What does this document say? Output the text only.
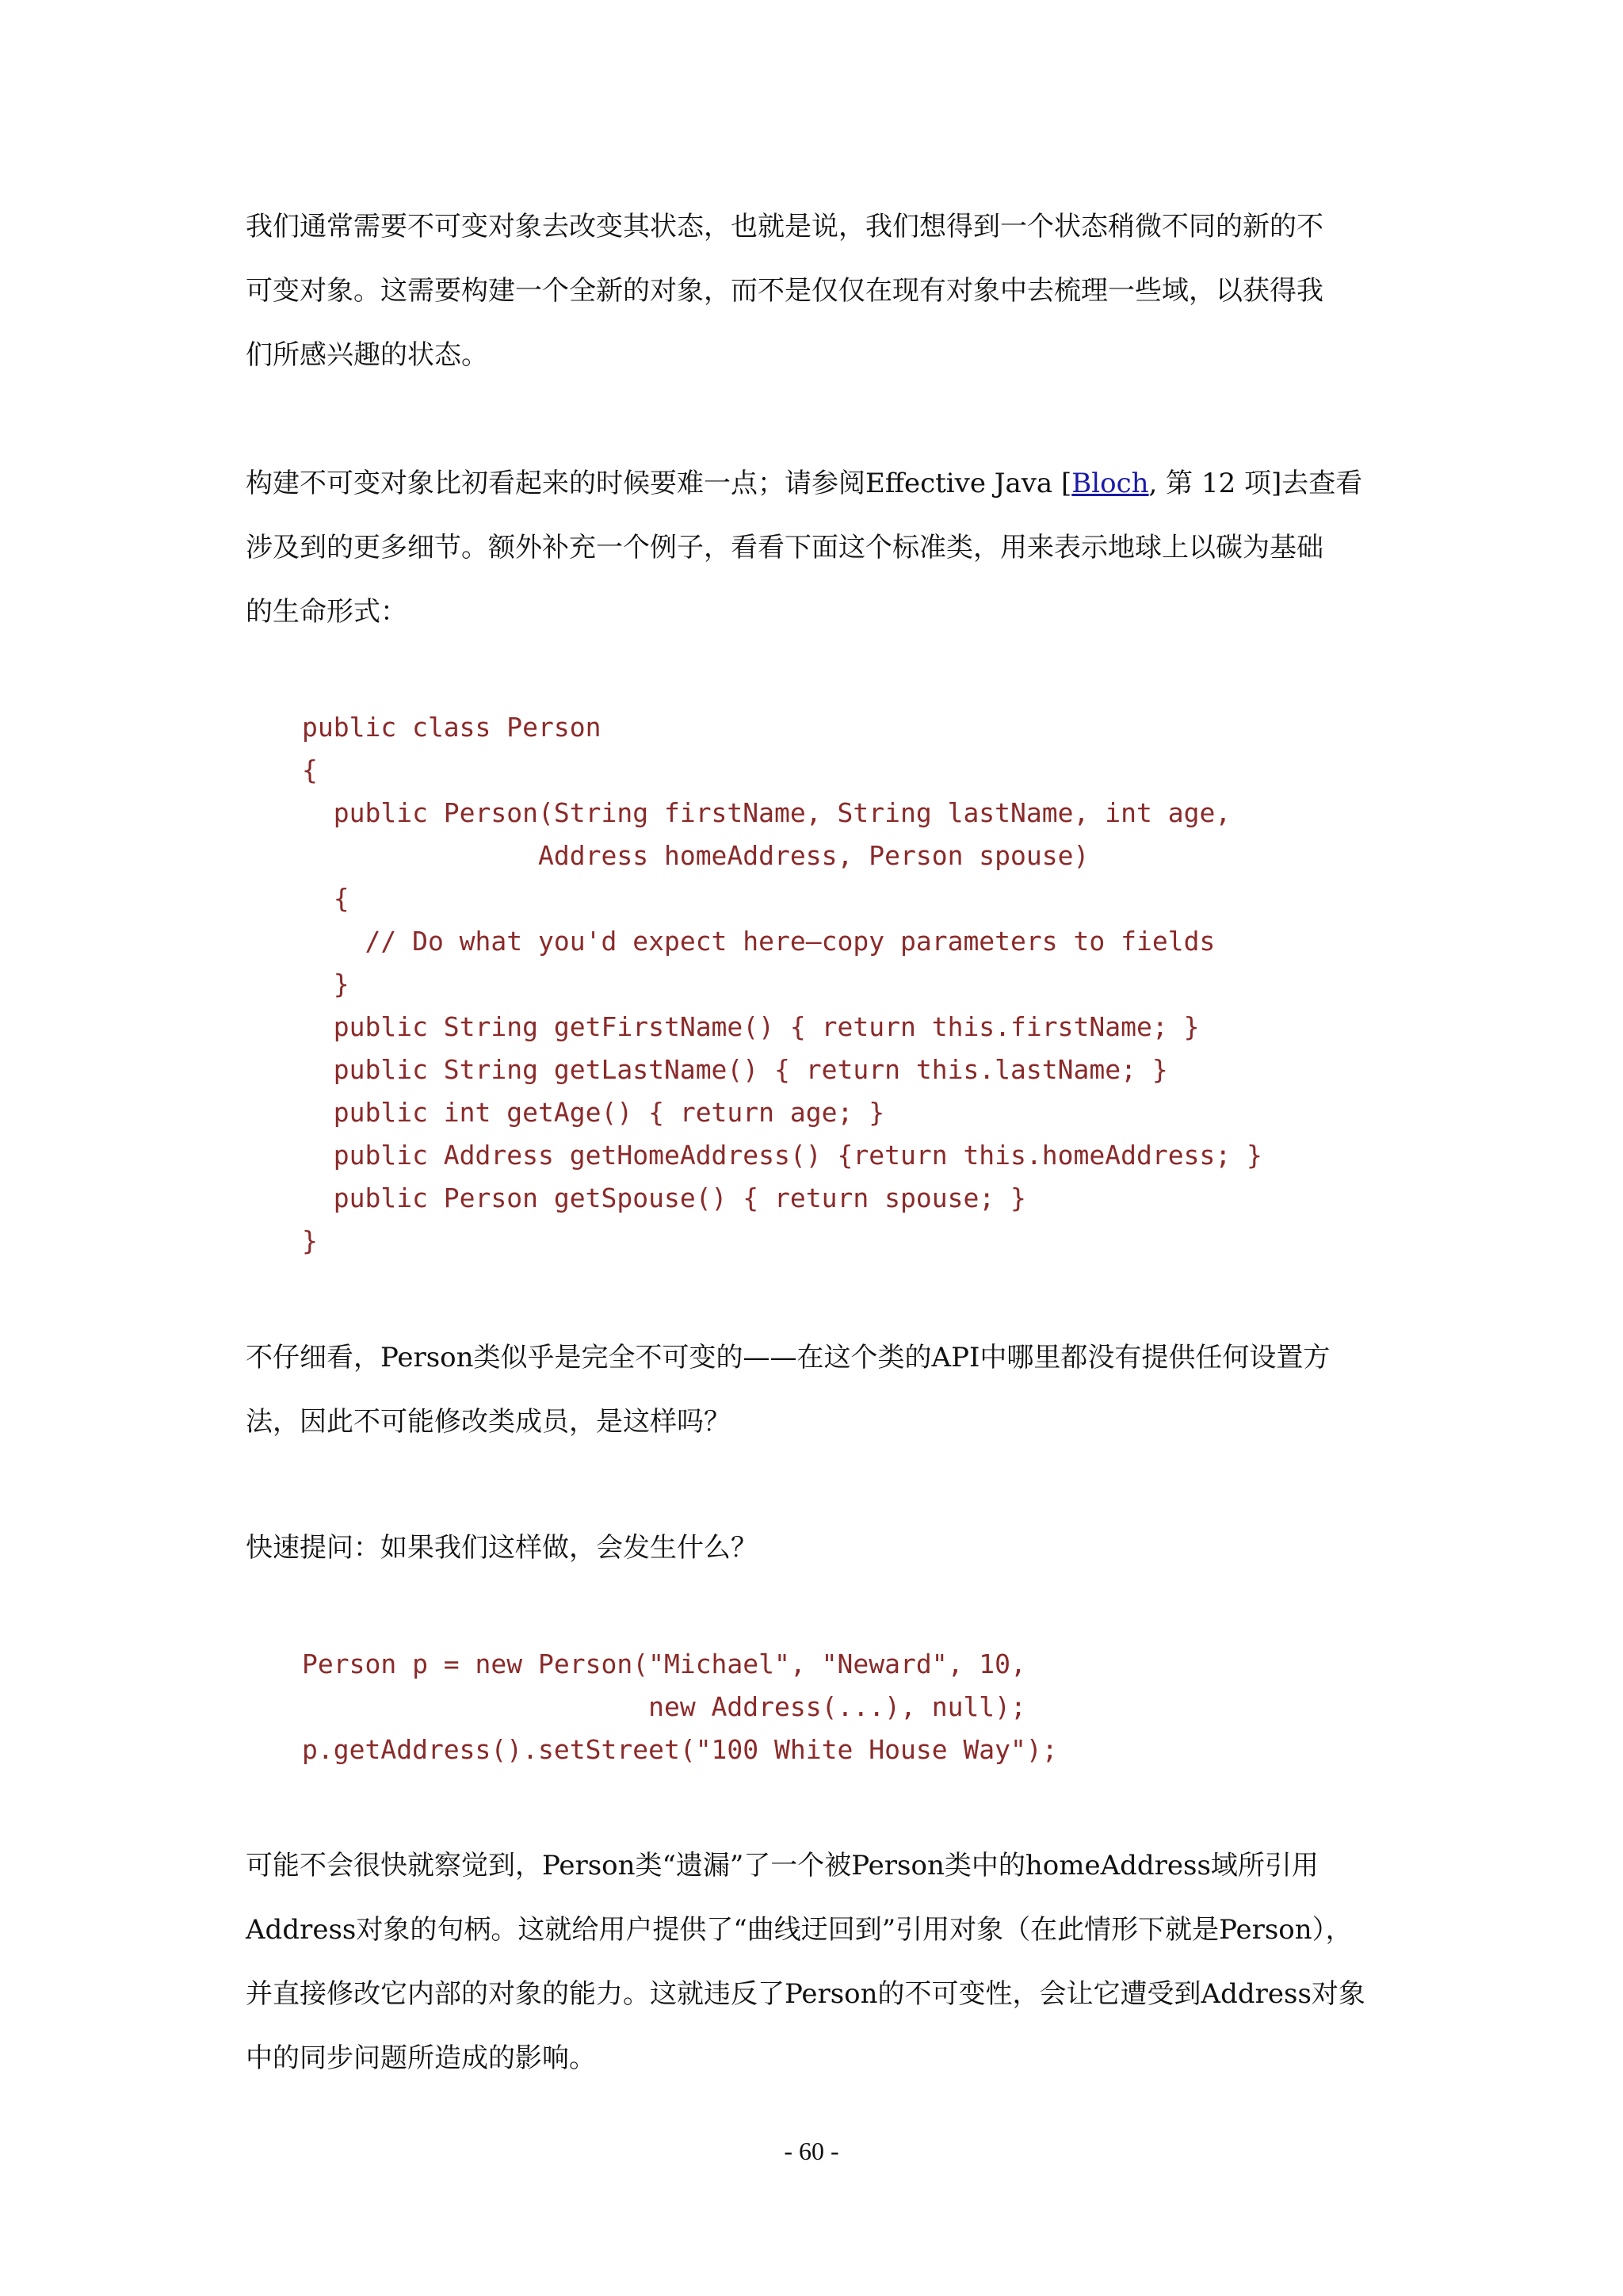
我们通常需要不可变对象去改变其状态，也就是说，我们想得到一个状态稍微不同的新的不
可变对象。这需要构建一个全新的对象，而不是仅仅在现有对象中去梳理一些域，以获得我
们所感兴趣的状态。
构建不可变对象比初看起来的时候要难一点；请参阅Effective Java [Bloch, 第 12 项]去查看
涉及到的更多细节。额外补充一个例子，看看下面这个标准类，用来表示地球上以碳为基础
的生命形式：
public class Person
{
public Person(String firstName, String lastName, int age,
Address homeAddress, Person spouse)
{
// Do what you'd expect here—copy parameters to fields
}
public String getFirstName() { return this.firstName; }
public String getLastName() { return this.lastName; }
public int getAge() { return age; }
public Address getHomeAddress() {return this.homeAddress; }
public Person getSpouse() { return spouse; }
}
不仔细看，Person类似乎是完全不可变的——在这个类的API中哪里都没有提供任何设置方
法，因此不可能修改类成员，是这样吗？
快速提问：如果我们这样做，会发生什么？
Person p = new Person("Michael", "Neward", 10,
new Address(...), null);
p.getAddress().setStreet("100 White House Way");
可能不会很快就察觉到，Person类“遗漏”了一个被Person类中的homeAddress域所引用
Address对象的句柄。这就给用户提供了“曲线迂回到”引用对象（在此情形下就是Person），
并直接修改它内部的对象的能力。这就违反了Person的不可变性，会让它遭受到Address对象
中的同步问题所造成的影响。
- 60 -
